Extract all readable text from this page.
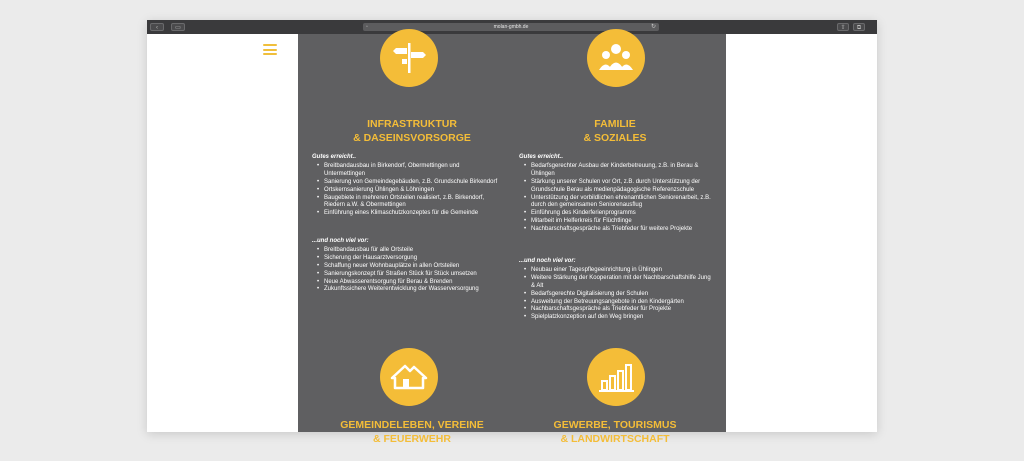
‹	▭	▫	molan-gmbh.de	↻	⇧	⧉
INFRASTRUKTUR
& DASEINSVORSORGE
Gutes erreicht..
• Breitbandausbau in Birkendorf, Obermettingen und Untermettingen
• Sanierung von Gemeindegebäuden, z.B. Grundschule Birkendorf
• Ortskernsanierung Ühlingen & Löhningen
• Baugebiete in mehreren Ortsteilen realisiert, z.B. Birkendorf, Riedern a.W. & Obermettingen
• Einführung eines Klimaschutzkonzeptes für die Gemeinde
...und noch viel vor:
• Breitbandausbau für alle Ortsteile
• Sicherung der Hausarztversorgung
• Schaffung neuer Wohnbauplätze in allen Ortsteilen
• Sanierungskonzept für Straßen Stück für Stück umsetzen
• Neue Abwasserentsorgung für Berau & Brenden
• Zukunftssichere Weiterentwicklung der Wasserversorgung
FAMILIE
& SOZIALES
Gutes erreicht..
• Bedarfsgerechter Ausbau der Kinderbetreuung, z.B. in Berau & Ühlingen
• Stärkung unserer Schulen vor Ort, z.B. durch Unterstützung der Grundschule Berau als medienpädagogische Referenzschule
• Unterstützung der vorbildlichen ehrenamtlichen Seniorenarbeit, z.B. durch den gemeinsamen Seniorenausflug
• Einführung des Kinderferienprogramms
• Mitarbeit im Helferkreis für Flüchtlinge
• Nachbarschaftsgespräche als Triebfeder für weitere Projekte
...und noch viel vor:
• Neubau einer Tagespflegeeinrichtung in Ühlingen
• Weitere Stärkung der Kooperation mit der Nachbarschaftshilfe Jung & Alt
• Bedarfsgerechte Digitalisierung der Schulen
• Ausweitung der Betreuungsangebote in den Kindergärten
• Nachbarschaftsgespräche als Triebfeder für Projekte
• Spielplatzkonzeption auf den Weg bringen
GEMEINDELEBEN, VEREINE
& FEUERWEHR
GEWERBE, TOURISMUS
& LANDWIRTSCHAFT
